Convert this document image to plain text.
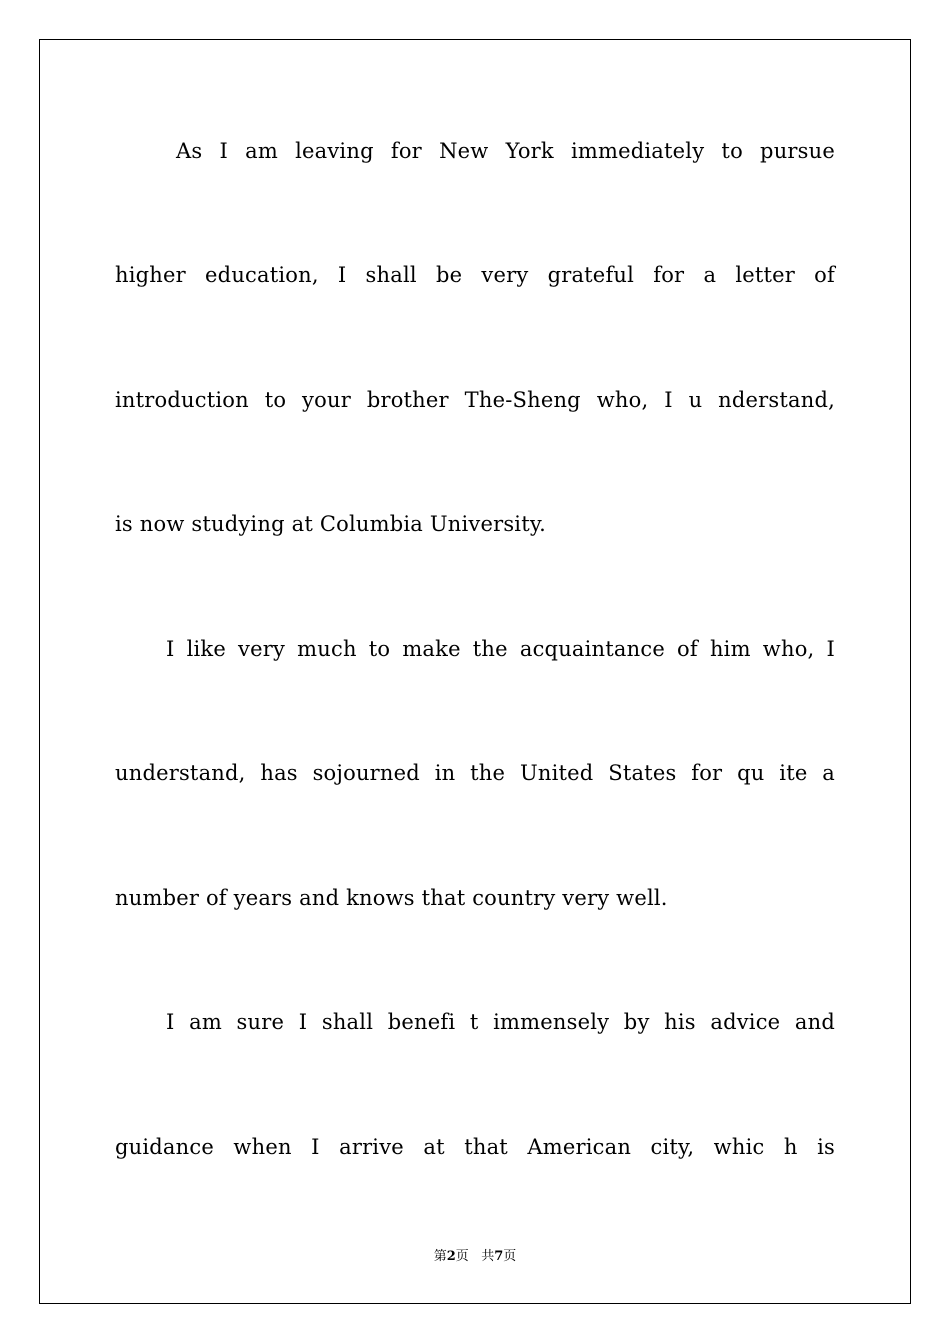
As I am leaving for New York immediately to pursue
higher education, I shall be very grateful for a letter of
introduction to your brother The-Sheng who, I u nderstand,
is now studying at Columbia University.
I like very much to make the acquaintance of him who, I
understand, has sojourned in the United States for qu ite a
number of years and knows that country very well.
I am sure I shall benefi t immensely by his advice and
guidance when I arrive at that American city, whic h is
第2页 共7页
